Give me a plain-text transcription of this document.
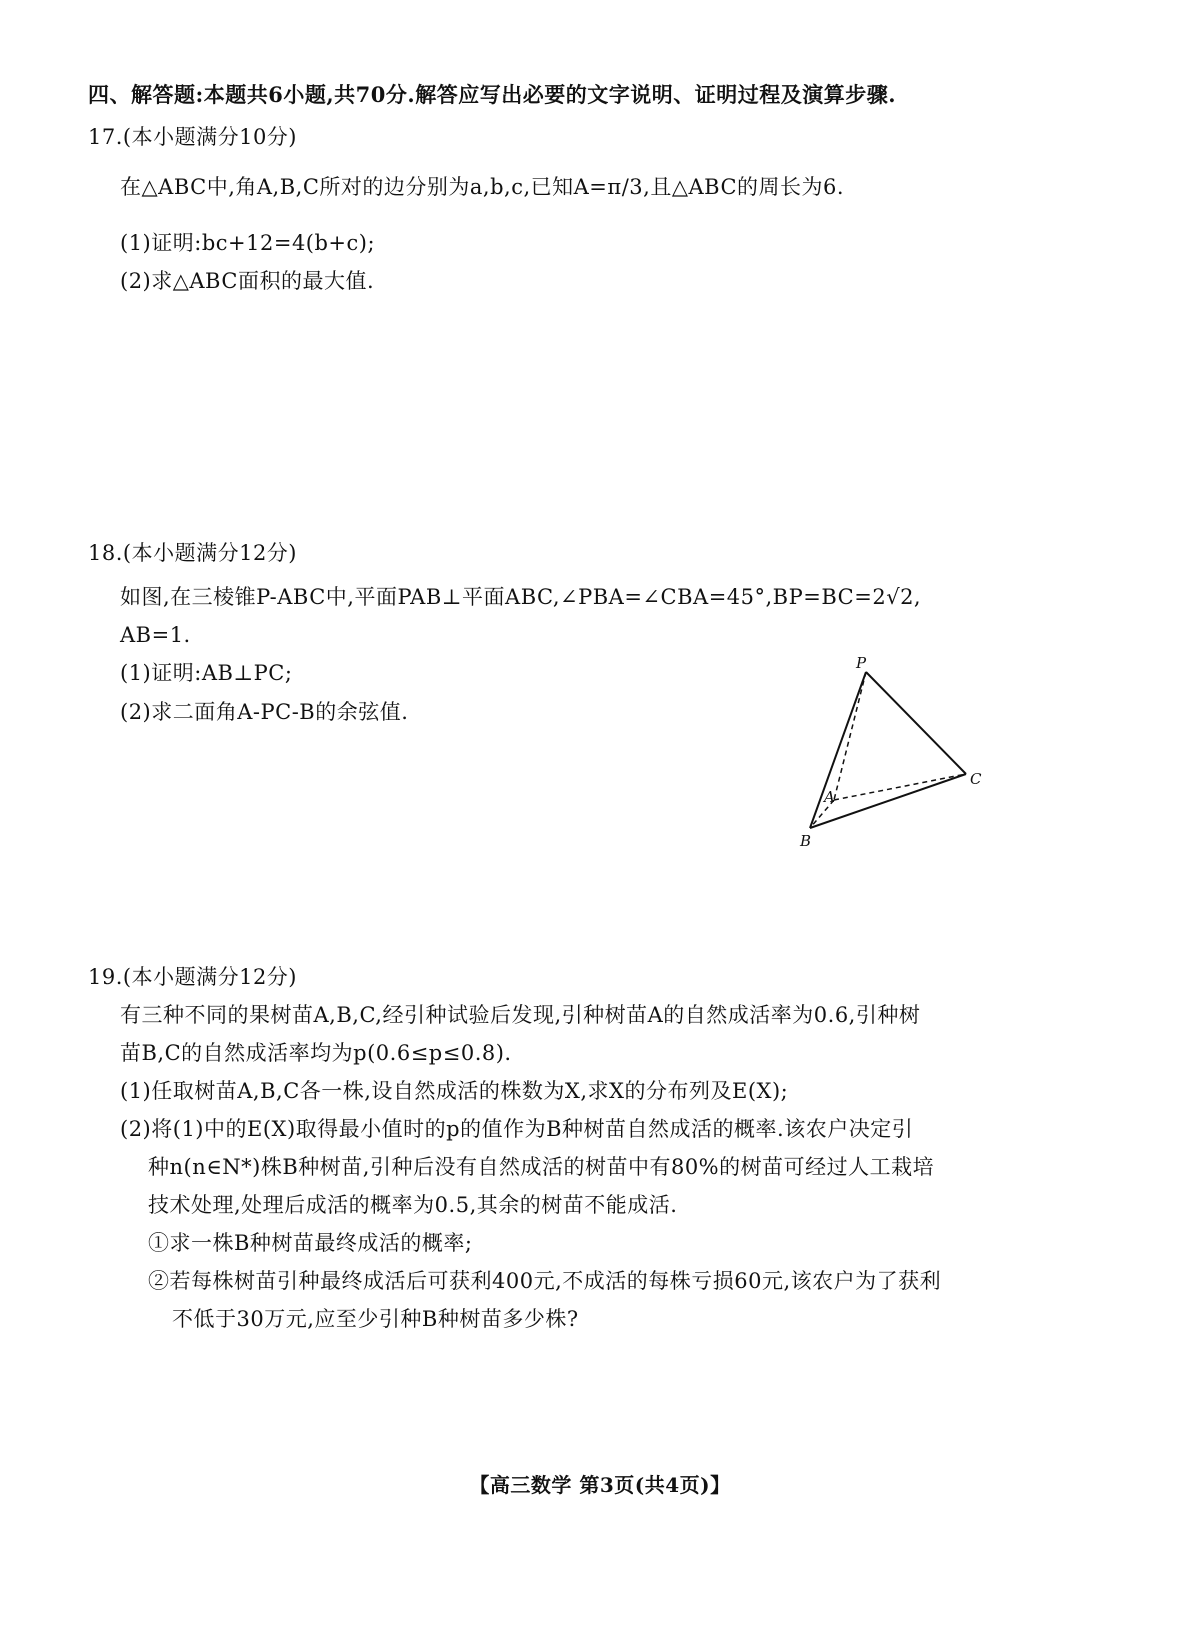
四、解答题:本题共6小题,共70分.解答应写出必要的文字说明、证明过程及演算步骤.
17.(本小题满分10分)
在△ABC中,角A,B,C所对的边分别为a,b,c,已知A=π/3,且△ABC的周长为6.
(1)证明:bc+12=4(b+c);
(2)求△ABC面积的最大值.
18.(本小题满分12分)
如图,在三棱锥P-ABC中,平面PAB⊥平面ABC,∠PBA=∠CBA=45°,BP=BC=2√2,
AB=1.
(1)证明:AB⊥PC;
(2)求二面角A-PC-B的余弦值.
P
A
B
C
19.(本小题满分12分)
有三种不同的果树苗A,B,C,经引种试验后发现,引种树苗A的自然成活率为0.6,引种树
苗B,C的自然成活率均为p(0.6≤p≤0.8).
(1)任取树苗A,B,C各一株,设自然成活的株数为X,求X的分布列及E(X);
(2)将(1)中的E(X)取得最小值时的p的值作为B种树苗自然成活的概率.该农户决定引
种n(n∈N*)株B种树苗,引种后没有自然成活的树苗中有80%的树苗可经过人工栽培
技术处理,处理后成活的概率为0.5,其余的树苗不能成活.
①求一株B种树苗最终成活的概率;
②若每株树苗引种最终成活后可获利400元,不成活的每株亏损60元,该农户为了获利
不低于30万元,应至少引种B种树苗多少株?
【高三数学 第3页(共4页)】
